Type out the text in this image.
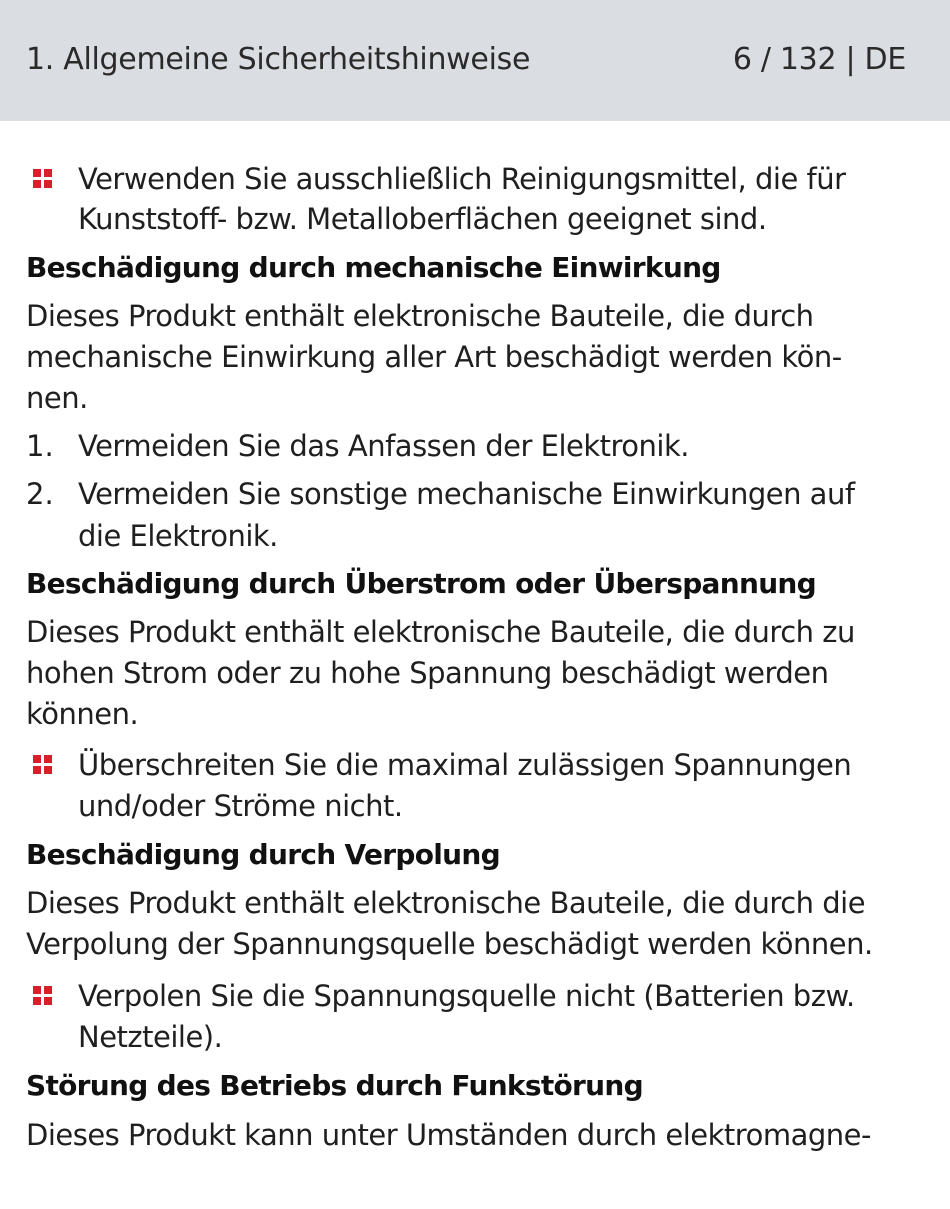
1. Allgemeine Sicherheitshinweise	6 / 132 | DE
Verwenden Sie ausschließlich Reinigungsmittel, die für
Kunststoff- bzw. Metalloberflächen geeignet sind.
Beschädigung durch mechanische Einwirkung
Dieses Produkt enthält elektronische Bauteile, die durch
mechanische Einwirkung aller Art beschädigt werden kön-
nen.
1. Vermeiden Sie das Anfassen der Elektronik.
2. Vermeiden Sie sonstige mechanische Einwirkungen auf
die Elektronik.
Beschädigung durch Überstrom oder Überspannung
Dieses Produkt enthält elektronische Bauteile, die durch zu
hohen Strom oder zu hohe Spannung beschädigt werden
können.
Überschreiten Sie die maximal zulässigen Spannungen
und/oder Ströme nicht.
Beschädigung durch Verpolung
Dieses Produkt enthält elektronische Bauteile, die durch die
Verpolung der Spannungsquelle beschädigt werden können.
Verpolen Sie die Spannungsquelle nicht (Batterien bzw.
Netzteile).
Störung des Betriebs durch Funkstörung
Dieses Produkt kann unter Umständen durch elektromagne-
